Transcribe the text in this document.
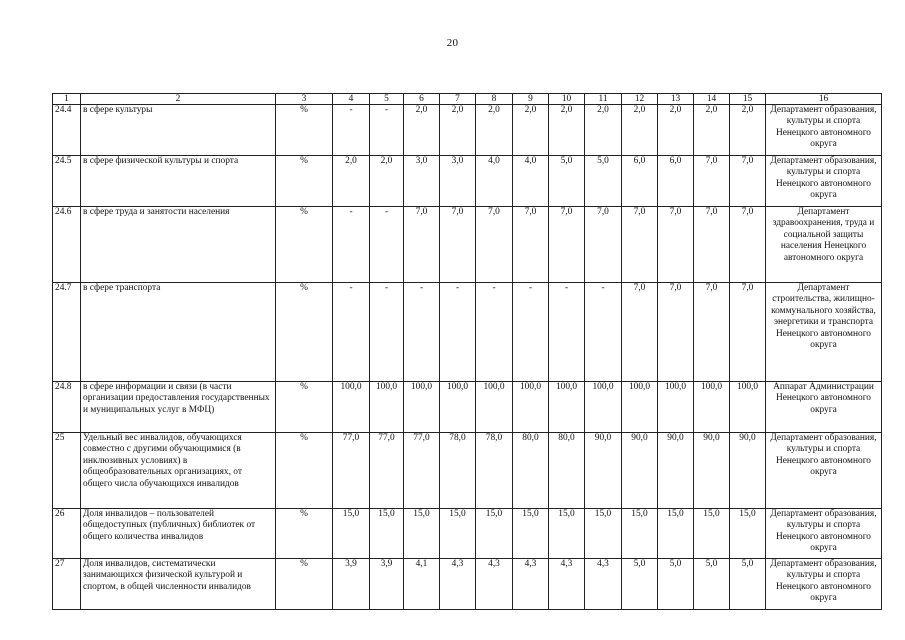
20
1	2	3	4	5	6	7	8	9	10	11	12	13	14	15	16
24.4	в сфере культуры	%	-	-	2,0	2,0	2,0	2,0	2,0	2,0	2,0	2,0	2,0	2,0	Департамент образования, культуры и спорта Ненецкого автономного округа
24.5	в сфере физической культуры и спорта	%	2,0	2,0	3,0	3,0	4,0	4,0	5,0	5,0	6,0	6,0	7,0	7,0	Департамент образования, культуры и спорта Ненецкого автономного округа
24.6	в сфере труда и занятости населения	%	-	-	7,0	7,0	7,0	7,0	7,0	7,0	7,0	7,0	7,0	7,0	Департамент здравоохранения, труда и социальной защиты населения Ненецкого автономного округа
24.7	в сфере транспорта	%	-	-	-	-	-	-	-	-	7,0	7,0	7,0	7,0	Департамент строительства, жилищно-коммунального хозяйства, энергетики и транспорта Ненецкого автономного округа
24.8	в сфере информации и связи (в части организации предоставления государственных и муниципальных услуг в МФЦ)	%	100,0	100,0	100,0	100,0	100,0	100,0	100,0	100,0	100,0	100,0	100,0	100,0	Аппарат Администрации Ненецкого автономного округа
25	Удельный вес инвалидов, обучающихся совместно с другими обучающимися (в инклюзивных условиях) в общеобразовательных организациях, от общего числа обучающихся инвалидов	%	77,0	77,0	77,0	78,0	78,0	80,0	80,0	90,0	90,0	90,0	90,0	90,0	Департамент образования, культуры и спорта Ненецкого автономного округа
26	Доля инвалидов – пользователей общедоступных (публичных) библиотек от общего количества инвалидов	%	15,0	15,0	15,0	15,0	15,0	15,0	15,0	15,0	15,0	15,0	15,0	15,0	Департамент образования, культуры и спорта Ненецкого автономного округа
27	Доля инвалидов, систематически занимающихся физической культурой и спортом, в общей численности инвалидов	%	3,9	3,9	4,1	4,3	4,3	4,3	4,3	4,3	5,0	5,0	5,0	5,0	Департамент образования, культуры и спорта Ненецкого автономного округа
